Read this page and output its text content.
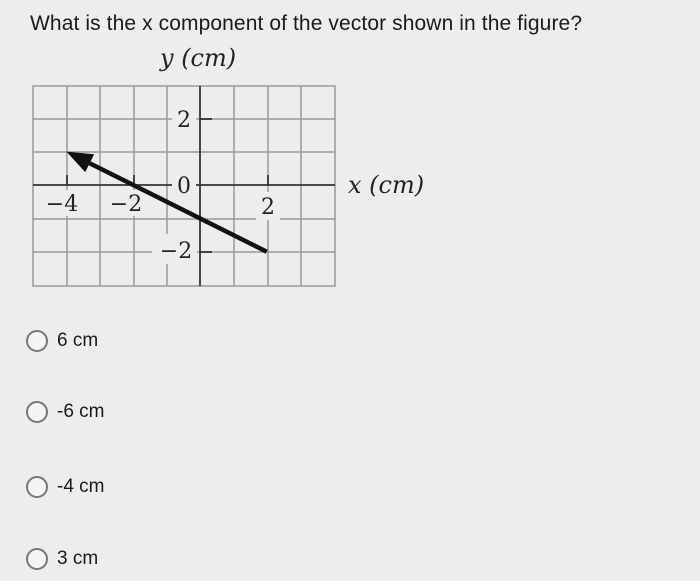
What is the x component of the vector shown in the figure?
2
0
−2
−4 −2	2
y (cm)
x (cm)
6 cm
-6 cm
-4 cm
3 cm
